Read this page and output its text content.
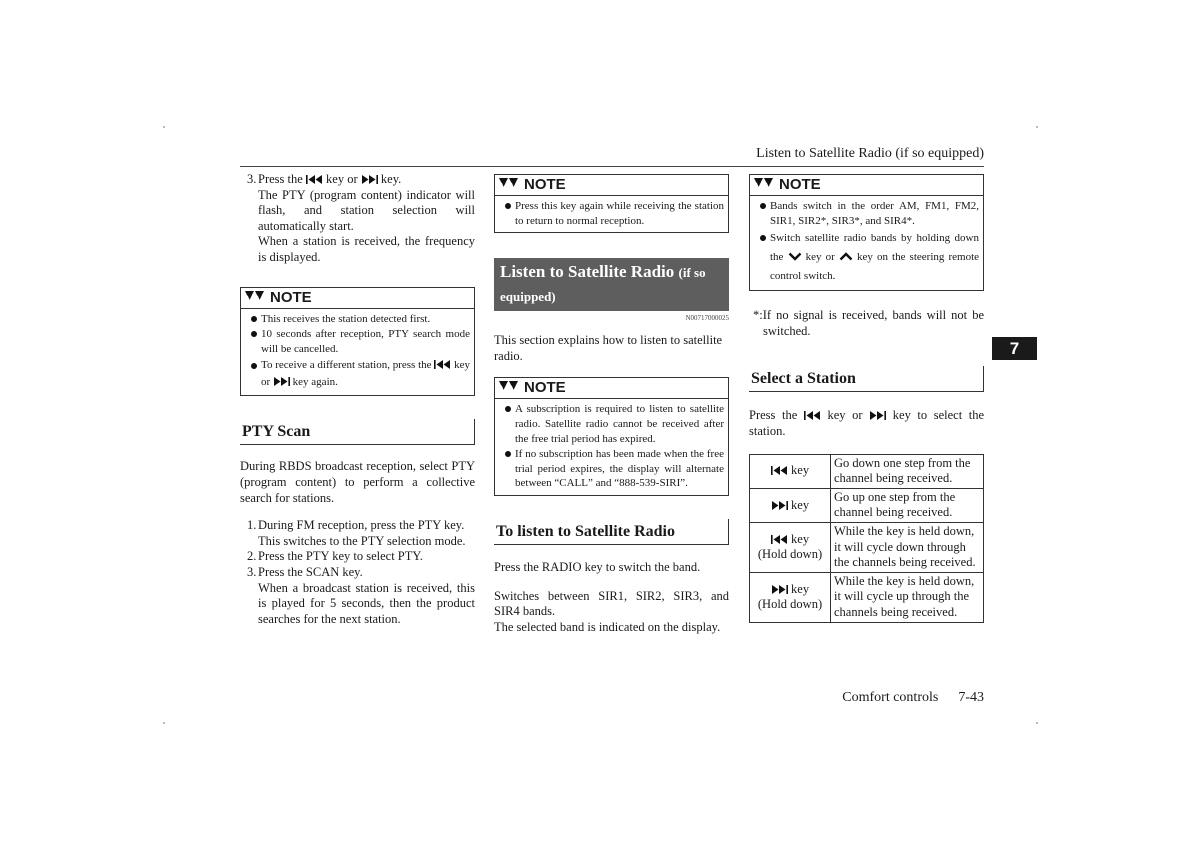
Listen to Satellite Radio (if so equipped)
3. Press the key or key.
The PTY (program content) indicator will flash, and station selection will automatically start.
When a station is received, the frequency is displayed.
NOTE
This receives the station detected first.
10 seconds after reception, PTY search mode will be cancelled.
To receive a different station, press the key or key again.
PTY Scan
During RBDS broadcast reception, select PTY (program content) to perform a collective search for stations.
1. During FM reception, press the PTY key.
This switches to the PTY selection mode.
2. Press the PTY key to select PTY.
3. Press the SCAN key.
When a broadcast station is received, this is played for 5 seconds, then the product searches for the next station.
NOTE
Press this key again while receiving the station to return to normal reception.
Listen to Satellite Radio (if so equipped)
N00717000025
This section explains how to listen to satellite radio.
NOTE
A subscription is required to listen to satellite radio. Satellite radio cannot be received after the free trial period has expired.
If no subscription has been made when the free trial period expires, the display will alternate between “CALL” and “888-539-SIRI”.
To listen to Satellite Radio
Press the RADIO key to switch the band.
Switches between SIR1, SIR2, SIR3, and SIR4 bands.
The selected band is indicated on the display.
NOTE
Bands switch in the order AM, FM1, FM2, SIR1, SIR2*, SIR3*, and SIR4*.
Switch satellite radio bands by holding down the key or key on the steering remote control switch.
*:If no signal is received, bands will not be switched.
Select a Station
Press the key or key to select the station.
key	Go down one step from the channel being received.
key	Go up one step from the channel being received.
key
(Hold down)	While the key is held down, it will cycle down through the channels being received.
key
(Hold down)	While the key is held down, it will cycle up through the channels being received.
7
Comfort controls 7-43
